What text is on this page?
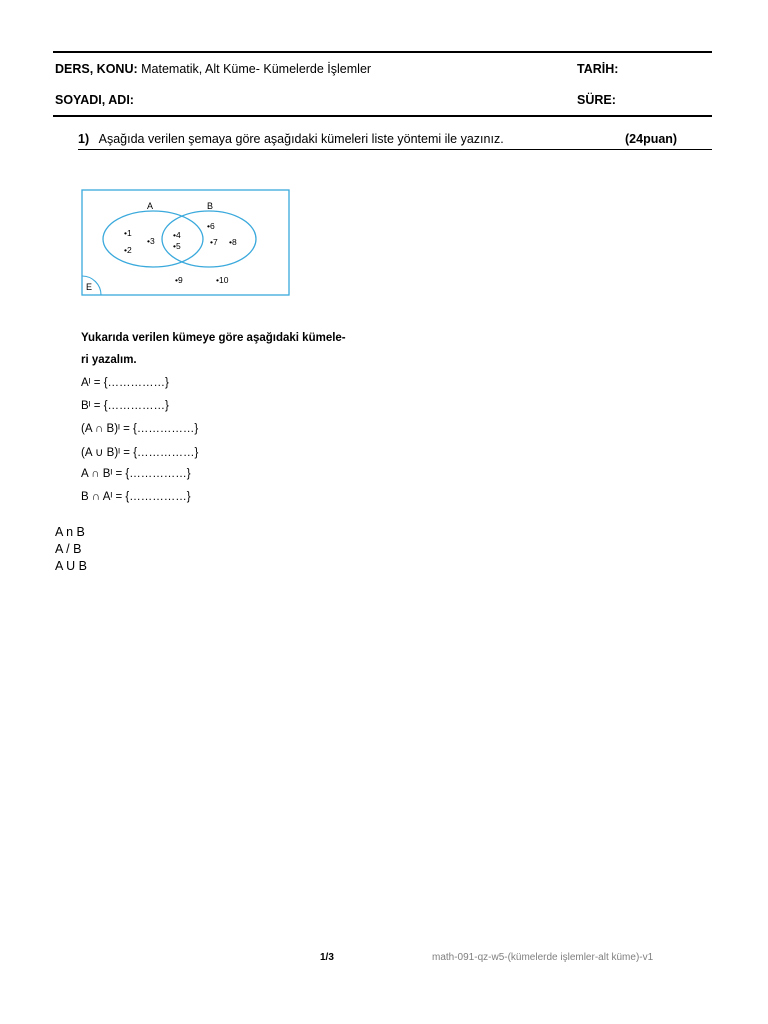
DERS, KONU: Matematik, Alt Küme- Kümelerde İşlemler	TARİH:
SOYADI, ADI:	SÜRE:
1) Aşağıda verilen şemaya göre aşağıdaki kümeleri liste yöntemi ile yazınız.	(24puan)
A	B
E
•1
•2
•3
•4
•5
•6
•7 •8
•9	•10
Yukarıda verilen kümeye göre aşağıdaki kümele-
ri yazalım.
Aᴵ = {……………}
Bᴵ = {……………}
(A ∩ B)ᴵ = {……………}
(A ∪ B)ᴵ = {……………}
A ∩ Bᴵ = {……………}
B ∩ Aᴵ = {……………}
A n B
A / B
A U B
1/3	math-091-qz-w5-(kümelerde işlemler-alt küme)-v1
